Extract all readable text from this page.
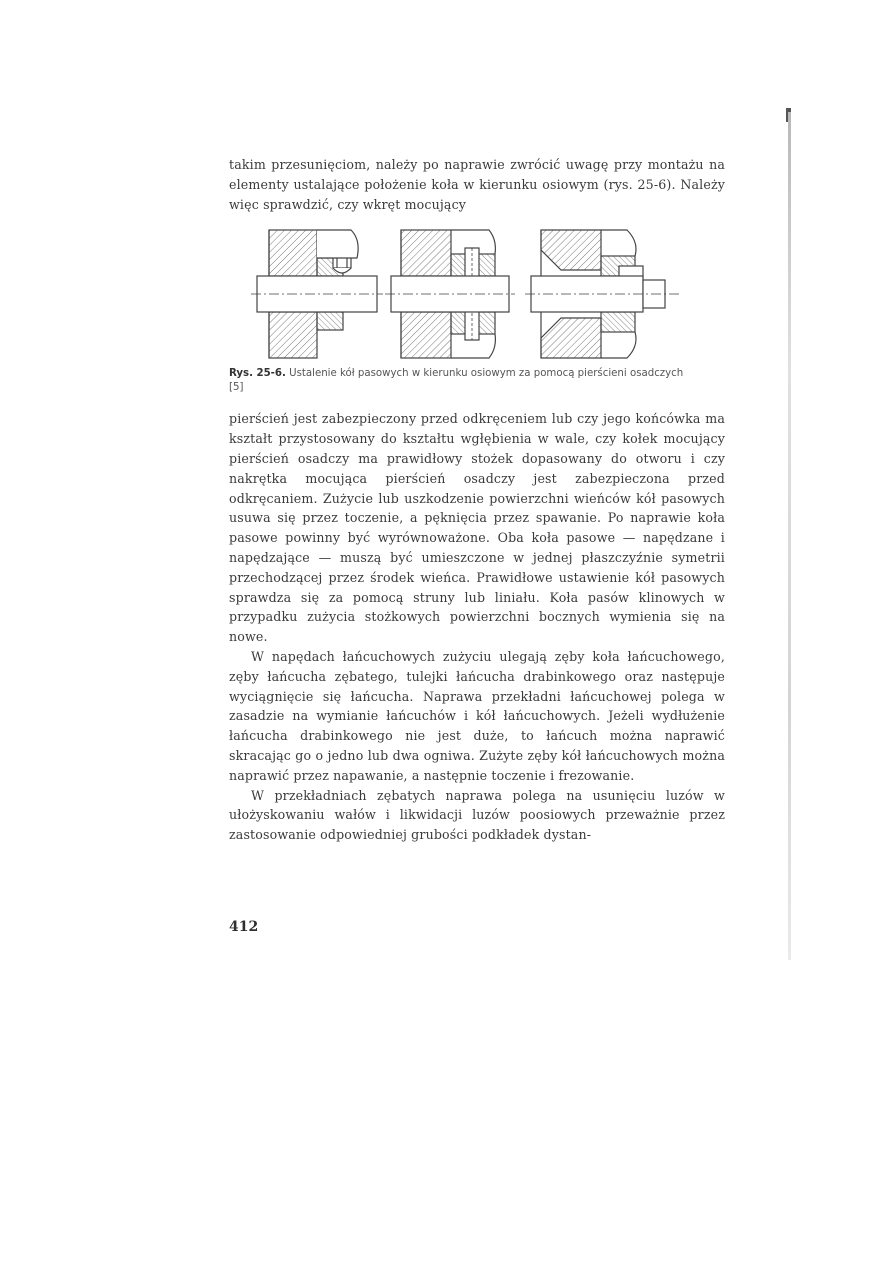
takim przesunięciom, należy po naprawie zwrócić uwagę przy montażu na elementy ustalające położenie koła w kierunku osiowym (rys. 25-6). Należy więc sprawdzić, czy wkręt mocujący

Rys. 25-6. Ustalenie kół pasowych w kierunku osiowym za pomocą pierścieni osadczych [5]

pierścień jest zabezpieczony przed odkręceniem lub czy jego końcówka ma kształt przystosowany do kształtu wgłębienia w wale, czy kołek mocujący pierścień osadczy ma prawidłowy stożek dopasowany do otworu i czy nakrętka mocująca pierścień osadczy jest zabezpieczona przed odkręcaniem. Zużycie lub uszkodzenie powierzchni wieńców kół pasowych usuwa się przez toczenie, a pęknięcia przez spawanie. Po naprawie koła pasowe powinny być wyrównoważone. Oba koła pasowe — napędzane i napędzające — muszą być umieszczone w jednej płaszczyźnie symetrii przechodzącej przez środek wieńca. Prawidłowe ustawienie kół pasowych sprawdza się za pomocą struny lub liniału. Koła pasów klinowych w przypadku zużycia stożkowych powierzchni bocznych wymienia się na nowe.

W napędach łańcuchowych zużyciu ulegają zęby koła łańcuchowego, zęby łańcucha zębatego, tulejki łańcucha drabinkowego oraz następuje wyciągnięcie się łańcucha. Naprawa przekładni łańcuchowej polega w zasadzie na wymianie łańcuchów i kół łańcuchowych. Jeżeli wydłużenie łańcucha drabinkowego nie jest duże, to łańcuch można naprawić skracając go o jedno lub dwa ogniwa. Zużyte zęby kół łańcuchowych można naprawić przez napawanie, a następnie toczenie i frezowanie.

W przekładniach zębatych naprawa polega na usunięciu luzów w ułożyskowaniu wałów i likwidacji luzów poosiowych przeważnie przez zastosowanie odpowiedniej grubości podkładek dystan-

412
